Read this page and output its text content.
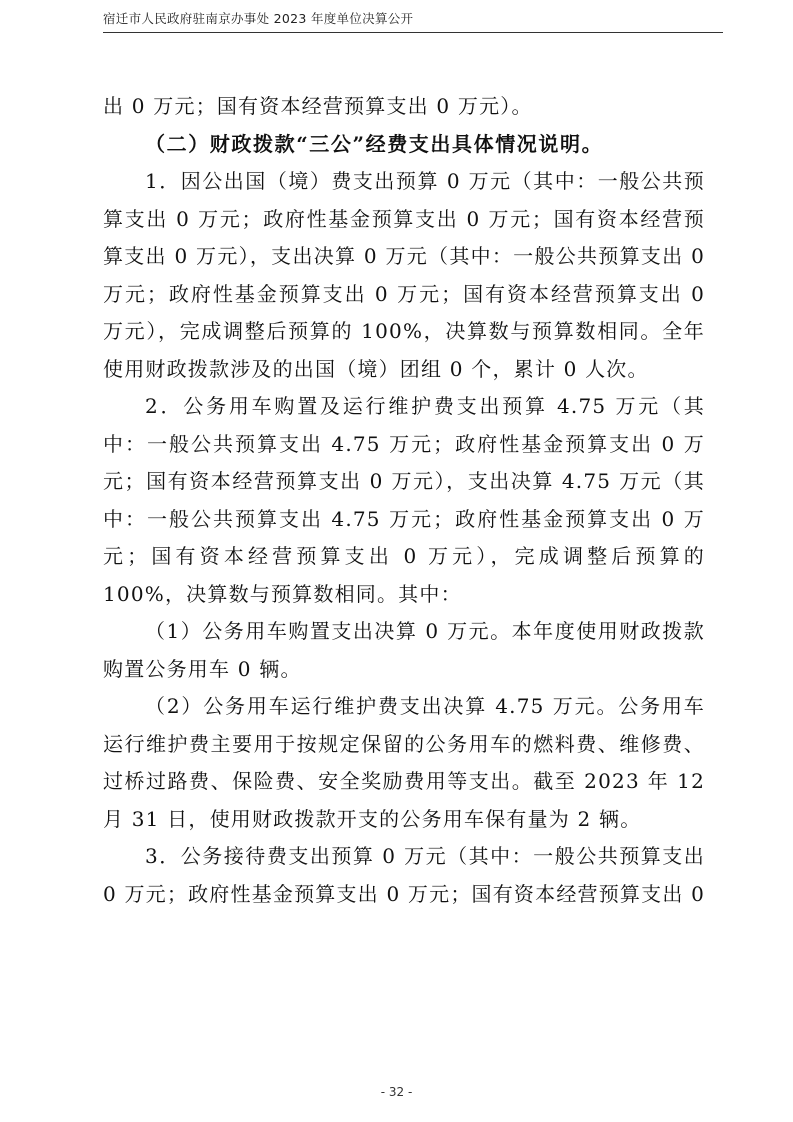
宿迁市人民政府驻南京办事处 2023 年度单位决算公开

出 0 万元；国有资本经营预算支出 0 万元）。

（二）财政拨款“三公”经费支出具体情况说明。

1．因公出国（境）费支出预算 0 万元（其中：一般公共预算支出 0 万元；政府性基金预算支出 0 万元；国有资本经营预算支出 0 万元），支出决算 0 万元（其中：一般公共预算支出 0 万元；政府性基金预算支出 0 万元；国有资本经营预算支出 0 万元），完成调整后预算的 100%，决算数与预算数相同。全年使用财政拨款涉及的出国（境）团组 0 个，累计 0 人次。

2．公务用车购置及运行维护费支出预算 4.75 万元（其中：一般公共预算支出 4.75 万元；政府性基金预算支出 0 万元；国有资本经营预算支出 0 万元），支出决算 4.75 万元（其中：一般公共预算支出 4.75 万元；政府性基金预算支出 0 万元；国有资本经营预算支出 0 万元），完成调整后预算的 100%，决算数与预算数相同。其中：

（1）公务用车购置支出决算 0 万元。本年度使用财政拨款购置公务用车 0 辆。

（2）公务用车运行维护费支出决算 4.75 万元。公务用车运行维护费主要用于按规定保留的公务用车的燃料费、维修费、过桥过路费、保险费、安全奖励费用等支出。截至 2023 年 12 月 31 日，使用财政拨款开支的公务用车保有量为 2 辆。

3．公务接待费支出预算 0 万元（其中：一般公共预算支出 0 万元；政府性基金预算支出 0 万元；国有资本经营预算支出 0

- 32 -
